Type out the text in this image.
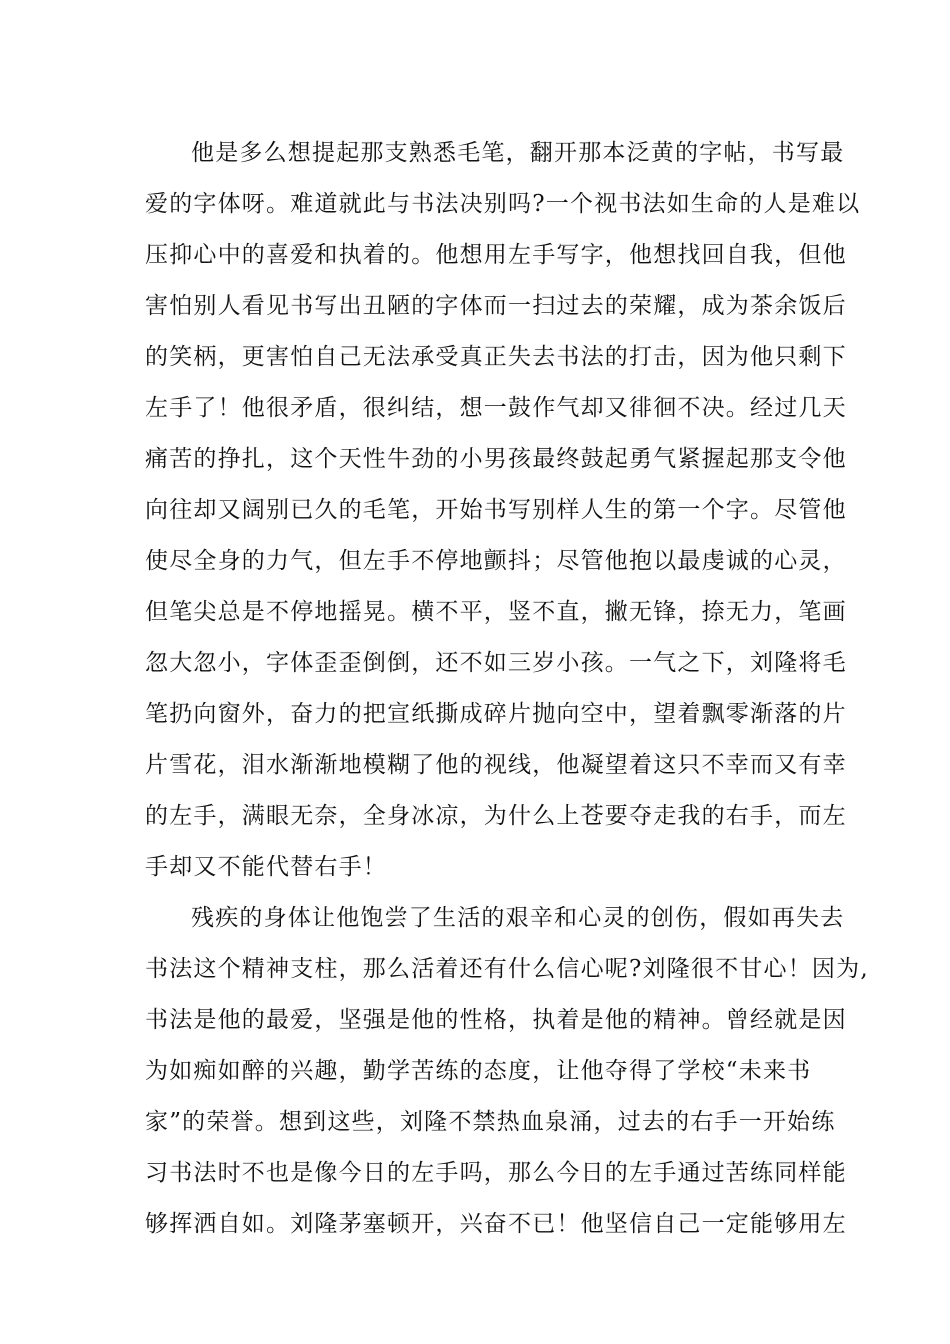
他是多么想提起那支熟悉毛笔，翻开那本泛黄的字帖，书写最
爱的字体呀。难道就此与书法决别吗?一个视书法如生命的人是难以
压抑心中的喜爱和执着的。他想用左手写字，他想找回自我，但他
害怕别人看见书写出丑陋的字体而一扫过去的荣耀，成为茶余饭后
的笑柄，更害怕自己无法承受真正失去书法的打击，因为他只剩下
左手了！他很矛盾，很纠结，想一鼓作气却又徘徊不决。经过几天
痛苦的挣扎，这个天性牛劲的小男孩最终鼓起勇气紧握起那支令他
向往却又阔别已久的毛笔，开始书写别样人生的第一个字。尽管他
使尽全身的力气，但左手不停地颤抖；尽管他抱以最虔诚的心灵，
但笔尖总是不停地摇晃。横不平，竖不直，撇无锋，捺无力，笔画
忽大忽小，字体歪歪倒倒，还不如三岁小孩。一气之下，刘隆将毛
笔扔向窗外，奋力的把宣纸撕成碎片抛向空中，望着飘零渐落的片
片雪花，泪水渐渐地模糊了他的视线，他凝望着这只不幸而又有幸
的左手，满眼无奈，全身冰凉，为什么上苍要夺走我的右手，而左
手却又不能代替右手！
残疾的身体让他饱尝了生活的艰辛和心灵的创伤，假如再失去
书法这个精神支柱，那么活着还有什么信心呢?刘隆很不甘心！因为,
书法是他的最爱，坚强是他的性格，执着是他的精神。曾经就是因
为如痴如醉的兴趣，勤学苦练的态度，让他夺得了学校“未来书
家”的荣誉。想到这些，刘隆不禁热血泉涌，过去的右手一开始练
习书法时不也是像今日的左手吗，那么今日的左手通过苦练同样能
够挥洒自如。刘隆茅塞顿开，兴奋不已！他坚信自己一定能够用左
